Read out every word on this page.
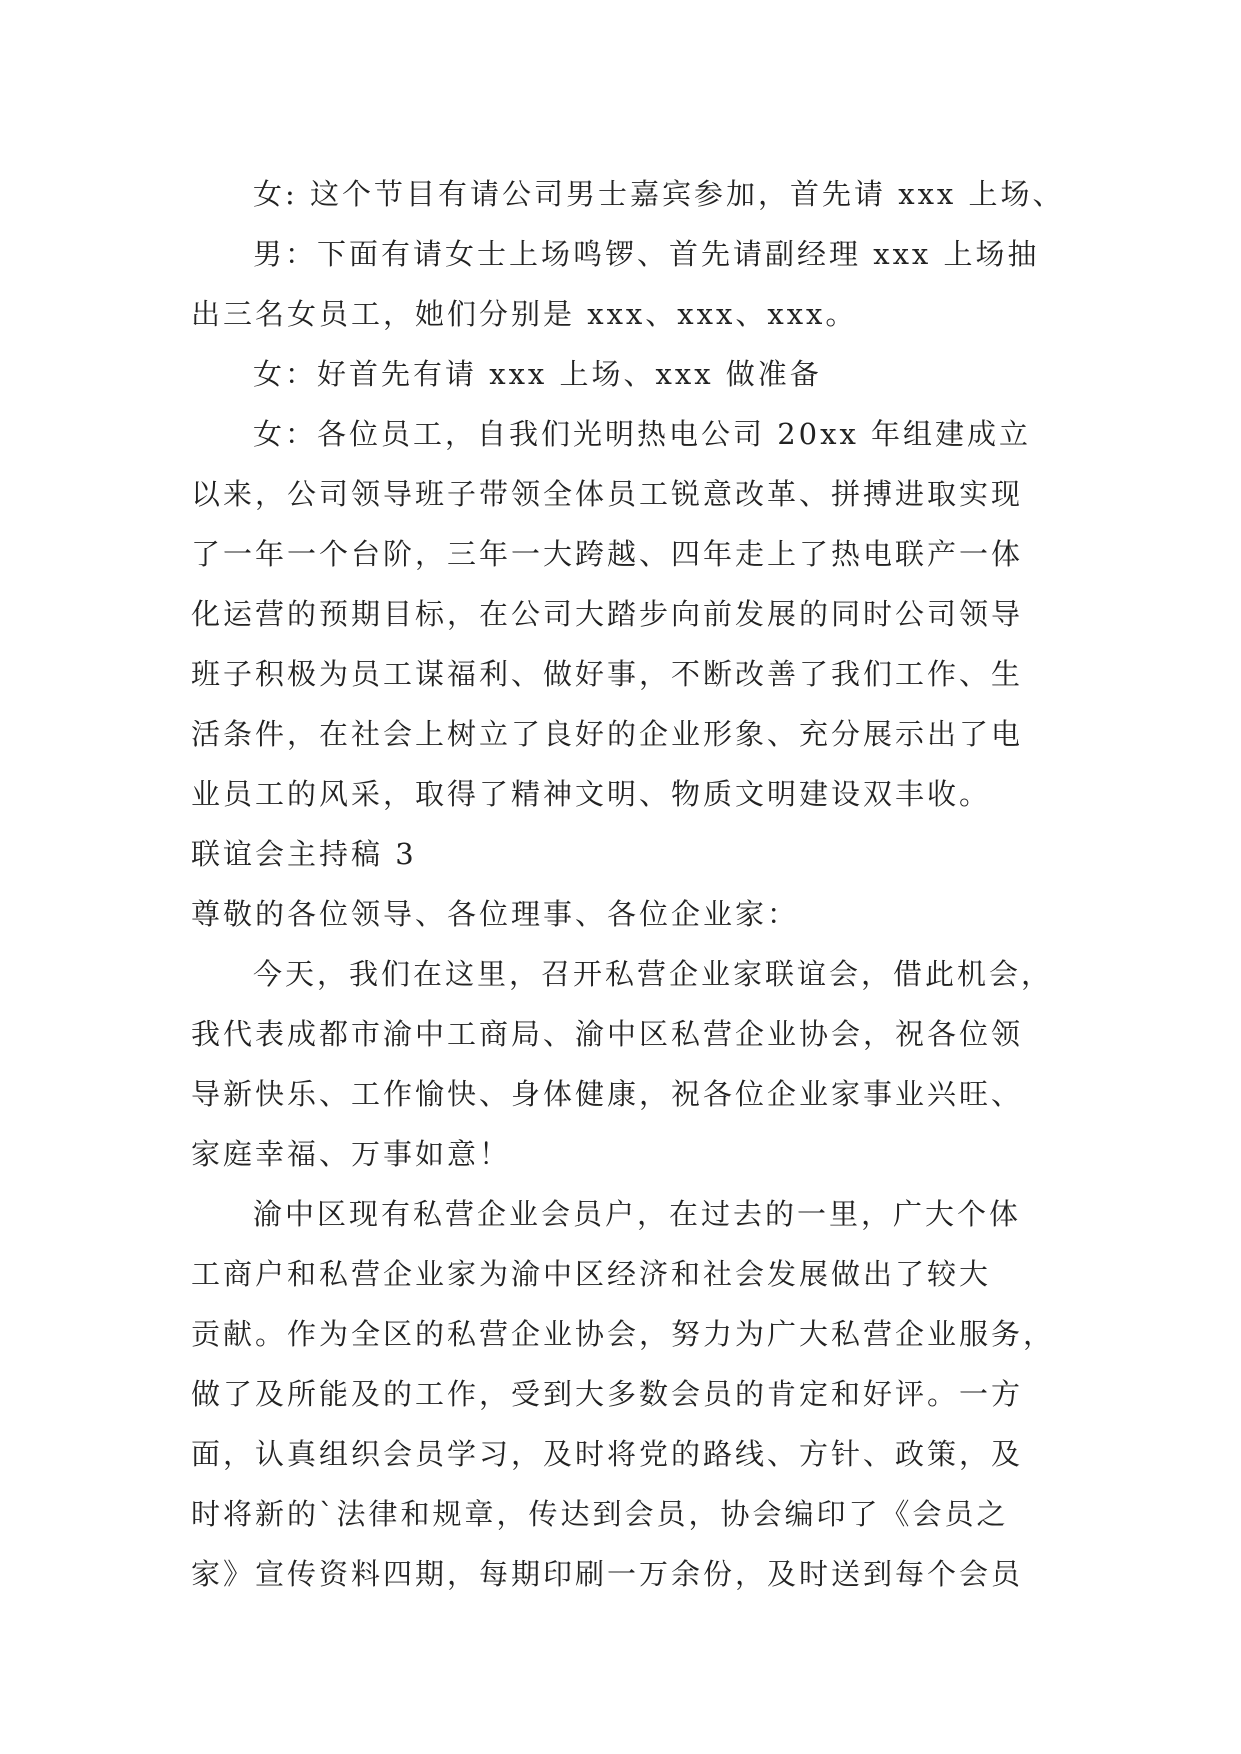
女: 这个节目有请公司男士嘉宾参加，首先请 xxx 上场、
男：下面有请女士上场鸣锣、首先请副经理 xxx 上场抽
出三名女员工，她们分别是 xxx、xxx、xxx。
女：好首先有请 xxx 上场、xxx 做准备
女：各位员工，自我们光明热电公司 20xx 年组建成立
以来，公司领导班子带领全体员工锐意改革、拼搏进取实现
了一年一个台阶，三年一大跨越、四年走上了热电联产一体
化运营的预期目标，在公司大踏步向前发展的同时公司领导
班子积极为员工谋福利、做好事，不断改善了我们工作、生
活条件，在社会上树立了良好的企业形象、充分展示出了电
业员工的风采，取得了精神文明、物质文明建设双丰收。
联谊会主持稿 3
尊敬的各位领导、各位理事、各位企业家：
今天，我们在这里，召开私营企业家联谊会，借此机会，
我代表成都市渝中工商局、渝中区私营企业协会，祝各位领
导新快乐、工作愉快、身体健康，祝各位企业家事业兴旺、
家庭幸福、万事如意！
渝中区现有私营企业会员户，在过去的一里，广大个体
工商户和私营企业家为渝中区经济和社会发展做出了较大
贡献。作为全区的私营企业协会，努力为广大私营企业服务，
做了及所能及的工作，受到大多数会员的肯定和好评。一方
面，认真组织会员学习，及时将党的路线、方针、政策，及
时将新的`法律和规章，传达到会员，协会编印了《会员之
家》宣传资料四期，每期印刷一万余份，及时送到每个会员
